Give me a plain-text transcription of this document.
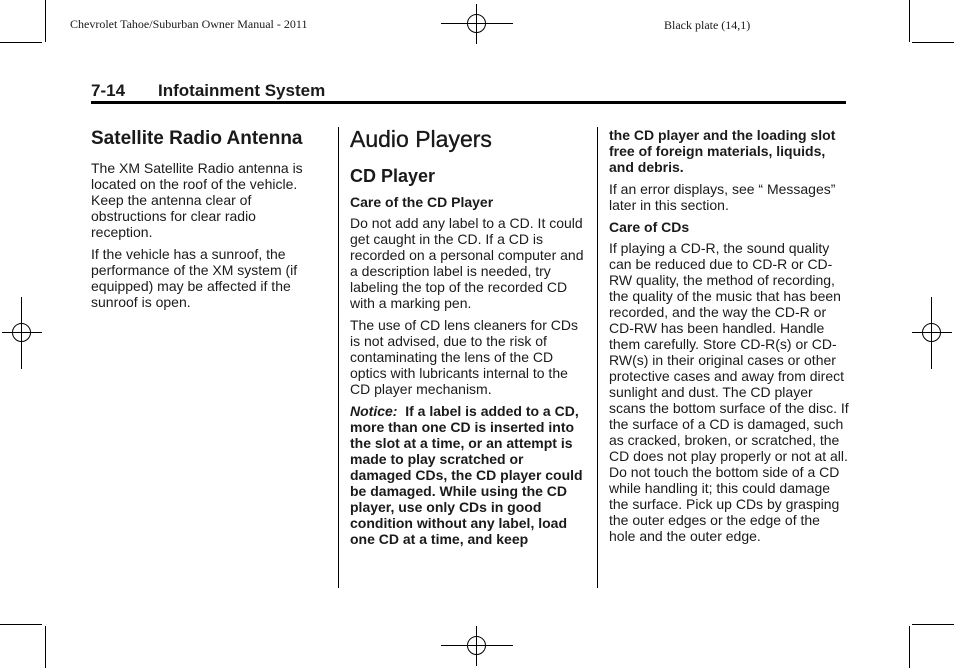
Chevrolet Tahoe/Suburban Owner Manual - 2011	Black plate (14,1)
7-14 Infotainment System
Satellite Radio Antenna

The XM Satellite Radio antenna is located on the roof of the vehicle. Keep the antenna clear of obstructions for clear radio reception.

If the vehicle has a sunroof, the performance of the XM system (if equipped) may be affected if the sunroof is open.

Audio Players
CD Player
Care of the CD Player

Do not add any label to a CD. It could get caught in the CD. If a CD is recorded on a personal computer and a description label is needed, try labeling the top of the recorded CD with a marking pen.

The use of CD lens cleaners for CDs is not advised, due to the risk of contaminating the lens of the CD optics with lubricants internal to the CD player mechanism.

Notice: If a label is added to a CD, more than one CD is inserted into the slot at a time, or an attempt is made to play scratched or damaged CDs, the CD player could be damaged. While using the CD player, use only CDs in good condition without any label, load one CD at a time, and keep

the CD player and the loading slot free of foreign materials, liquids, and debris.

If an error displays, see “ Messages” later in this section.

Care of CDs

If playing a CD-R, the sound quality can be reduced due to CD-R or CD-RW quality, the method of recording, the quality of the music that has been recorded, and the way the CD-R or CD-RW has been handled. Handle them carefully. Store CD-R(s) or CD-RW(s) in their original cases or other protective cases and away from direct sunlight and dust. The CD player scans the bottom surface of the disc. If the surface of a CD is damaged, such as cracked, broken, or scratched, the CD does not play properly or not at all. Do not touch the bottom side of a CD while handling it; this could damage the surface. Pick up CDs by grasping the outer edges or the edge of the hole and the outer edge.
